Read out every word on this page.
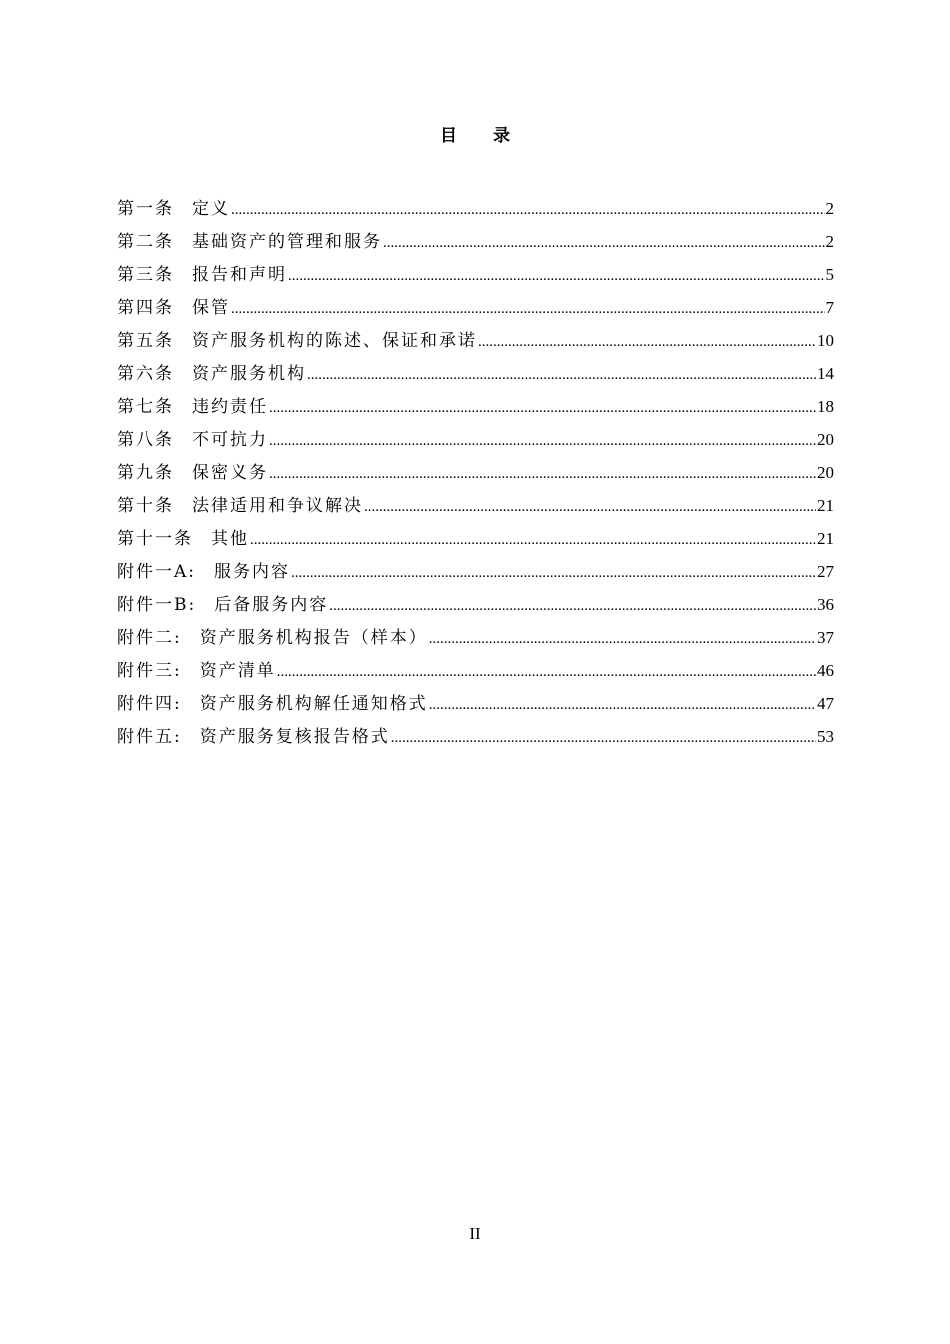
目录
第一条 定义 .....	2
第二条 基础资产的管理和服务 .....	2
第三条 报告和声明 .....	5
第四条 保管 .....	7
第五条 资产服务机构的陈述、保证和承诺 .....	10
第六条 资产服务机构 .....	14
第七条 违约责任 .....	18
第八条 不可抗力 .....	20
第九条 保密义务 .....	20
第十条 法律适用和争议解决 .....	21
第十一条 其他 .....	21
附件一A: 服务内容 .....	27
附件一B: 后备服务内容 .....	36
附件二: 资产服务机构报告（样本） .....	37
附件三: 资产清单 .....	46
附件四: 资产服务机构解任通知格式 .....	47
附件五: 资产服务复核报告格式 .....	53
II
